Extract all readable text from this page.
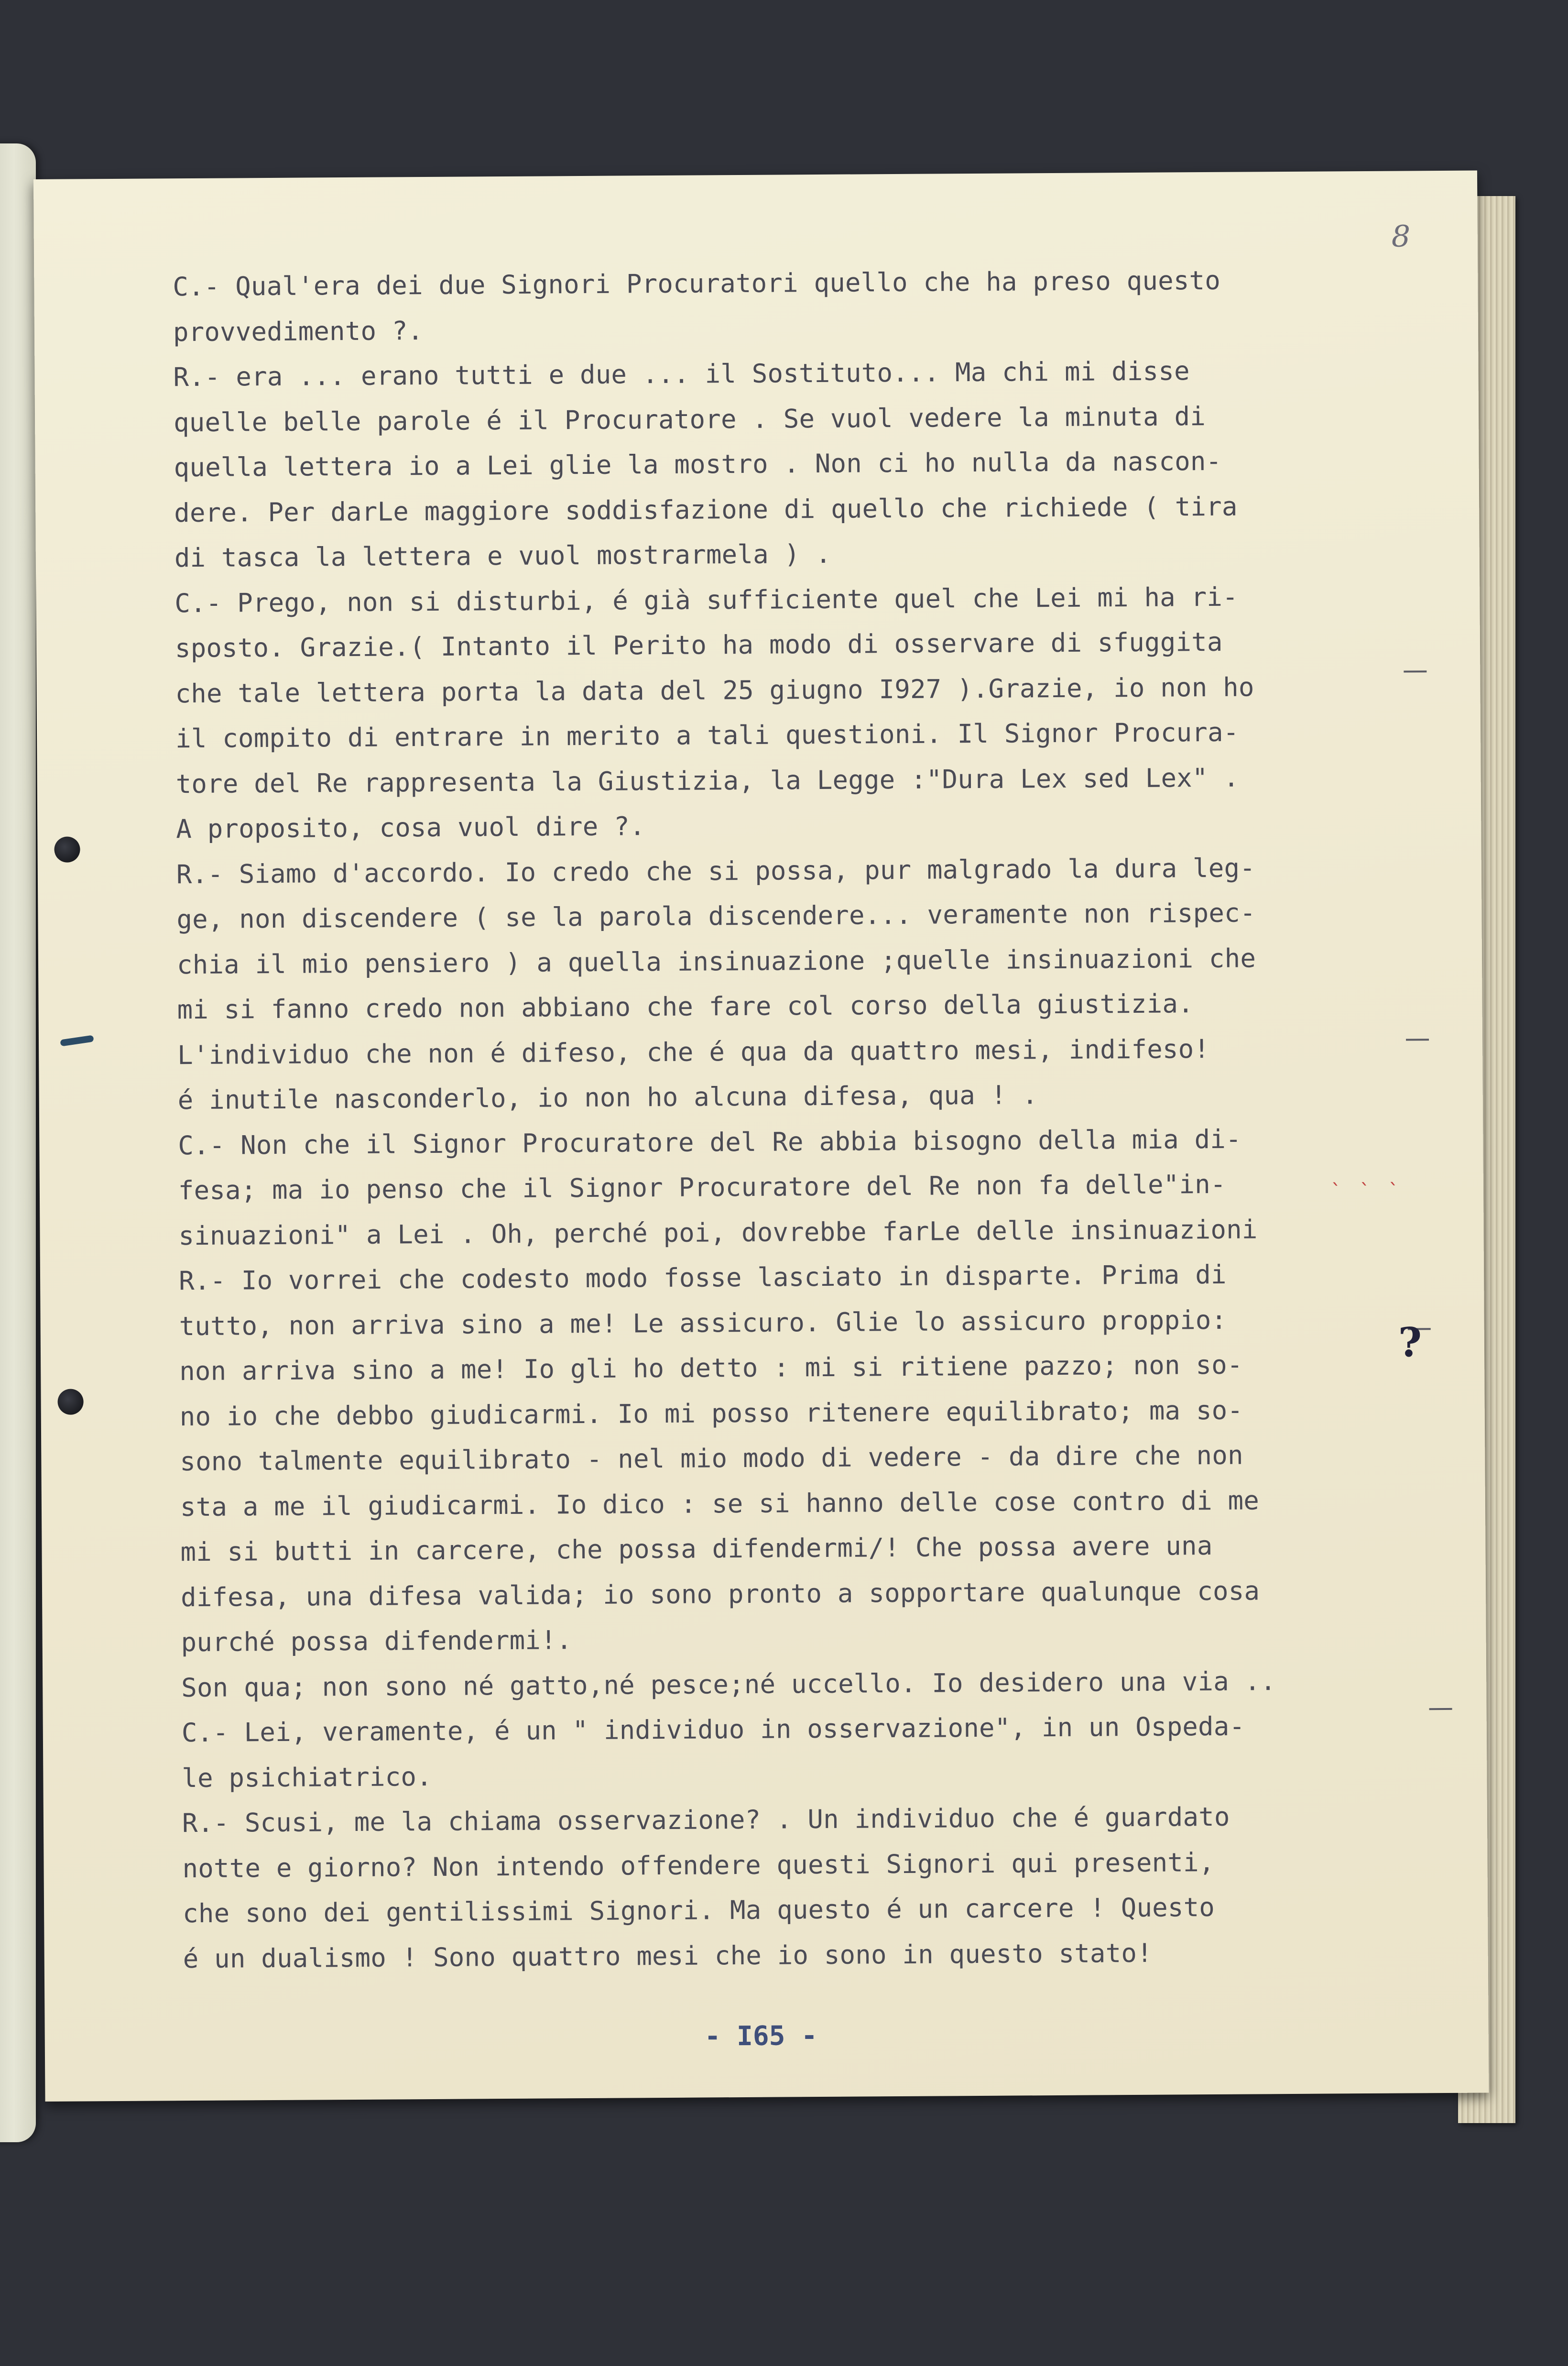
8
C.- Qual'era dei due Signori Procuratori quello che ha preso questo
provvedimento ?.
R.- era ... erano tutti e due ... il Sostituto... Ma chi mi disse
quelle belle parole é il Procuratore . Se vuol vedere la minuta di
quella lettera io a Lei glie la mostro . Non ci ho nulla da nascon-
dere. Per darLe maggiore soddisfazione di quello che richiede ( tira
di tasca la lettera e vuol mostrarmela ) .
C.- Prego, non si disturbi, é già sufficiente quel che Lei mi ha ri-
sposto. Grazie.( Intanto il Perito ha modo di osservare di sfuggita
che tale lettera porta la data del 25 giugno I927 ).Grazie, io non ho
il compito di entrare in merito a tali questioni. Il Signor Procura-
tore del Re rappresenta la Giustizia, la Legge :"Dura Lex sed Lex" .
A proposito, cosa vuol dire ?.
R.- Siamo d'accordo. Io credo che si possa, pur malgrado la dura leg-
ge, non discendere ( se la parola discendere... veramente non rispec-
chia il mio pensiero ) a quella insinuazione ;quelle insinuazioni che
mi si fanno credo non abbiano che fare col corso della giustizia.
L'individuo che non é difeso, che é qua da quattro mesi, indifeso!
é inutile nasconderlo, io non ho alcuna difesa, qua ! .
C.- Non che il Signor Procuratore del Re abbia bisogno della mia di-
fesa; ma io penso che il Signor Procuratore del Re non fa delle"in-
sinuazioni" a Lei . Oh, perché poi, dovrebbe farLe delle insinuazioni
R.- Io vorrei che codesto modo fosse lasciato in disparte. Prima di
tutto, non arriva sino a me! Le assicuro. Glie lo assicuro proppio:
non arriva sino a me! Io gli ho detto : mi si ritiene pazzo; non so-
no io che debbo giudicarmi. Io mi posso ritenere equilibrato; ma so-
sono talmente equilibrato - nel mio modo di vedere - da dire che non
sta a me il giudicarmi. Io dico : se si hanno delle cose contro di me
mi si butti in carcere, che possa difendermi/! Che possa avere una
difesa, una difesa valida; io sono pronto a sopportare qualunque cosa
purché possa difendermi!.
Son qua; non sono né gatto,né pesce;né uccello. Io desidero una via ..
C.- Lei, veramente, é un " individuo in osservazione", in un Ospeda-
le psichiatrico.
R.- Scusi, me la chiama osservazione? . Un individuo che é guardato
notte e giorno? Non intendo offendere questi Signori qui presenti,
che sono dei gentilissimi Signori. Ma questo é un carcere ! Questo
é un dualismo ! Sono quattro mesi che io sono in questo stato!
?
` ` `
- I65 -
